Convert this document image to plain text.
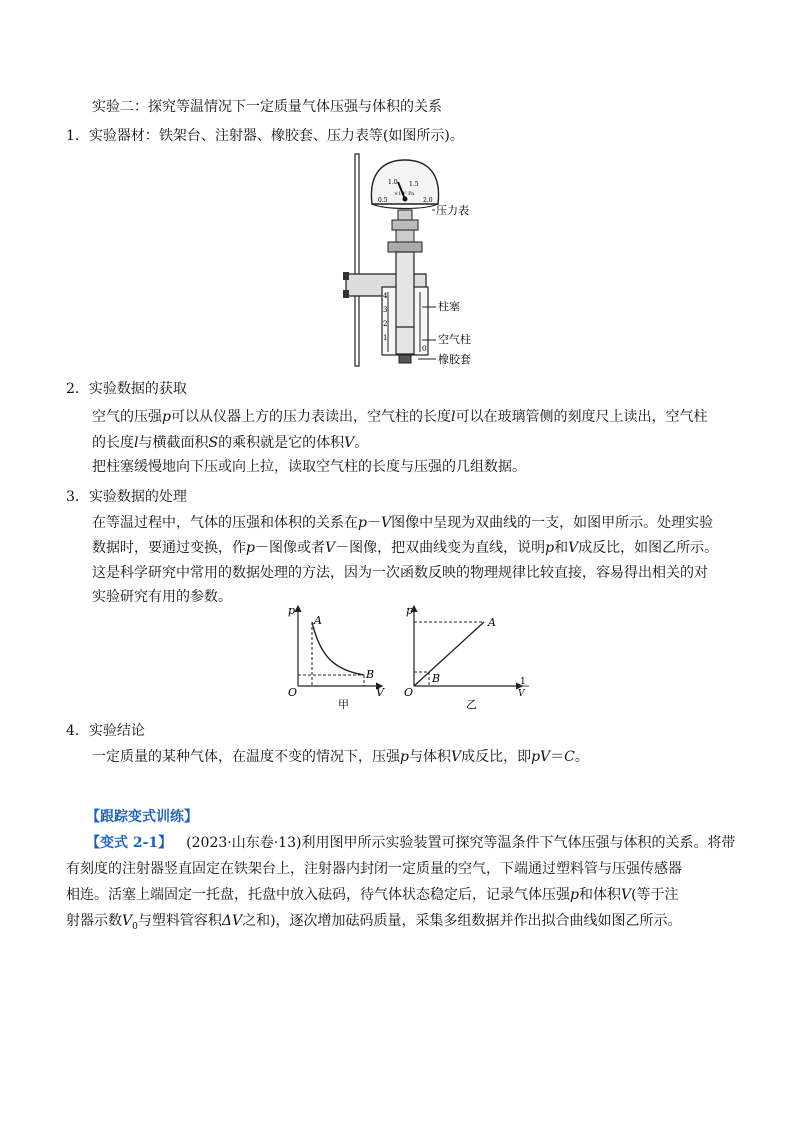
实验二：探究等温情况下一定质量气体压强与体积的关系
1．实验器材：铁架台、注射器、橡胶套、压力表等(如图所示)。
0.5
1.0 1.5
2.0
×10⁵ Pa
4
3
2
1
0
压力表
柱塞
空气柱
橡胶套
2．实验数据的获取
空气的压强p可以从仪器上方的压力表读出，空气柱的长度l可以在玻璃管侧的刻度尺上读出，空气柱
的长度l与横截面积S的乘积就是它的体积V。
把柱塞缓慢地向下压或向上拉，读取空气柱的长度与压强的几组数据。
3．实验数据的处理
在等温过程中，气体的压强和体积的关系在p－V图像中呈现为双曲线的一支，如图甲所示。处理实验
数据时，要通过变换，作p－图像或者V－图像，把双曲线变为直线，说明p和V成反比，如图乙所示。
这是科学研究中常用的数据处理的方法，因为一次函数反映的物理规律比较直接，容易得出相关的对
实验研究有用的参数。
p
V
O
A
B
甲
p
1
V
O
A
B
乙
4．实验结论
一定质量的某种气体，在温度不变的情况下，压强p与体积V成反比，即pV＝C。
【跟踪变式训练】
【变式 2-1】 (2023·山东卷·13)利用图甲所示实验装置可探究等温条件下气体压强与体积的关系。将带
有刻度的注射器竖直固定在铁架台上，注射器内封闭一定质量的空气，下端通过塑料管与压强传感器
相连。活塞上端固定一托盘，托盘中放入砝码，待气体状态稳定后，记录气体压强p和体积V(等于注
射器示数$V_0$与塑料管容积ΔV之和)，逐次增加砝码质量，采集多组数据并作出拟合曲线如图乙所示。
